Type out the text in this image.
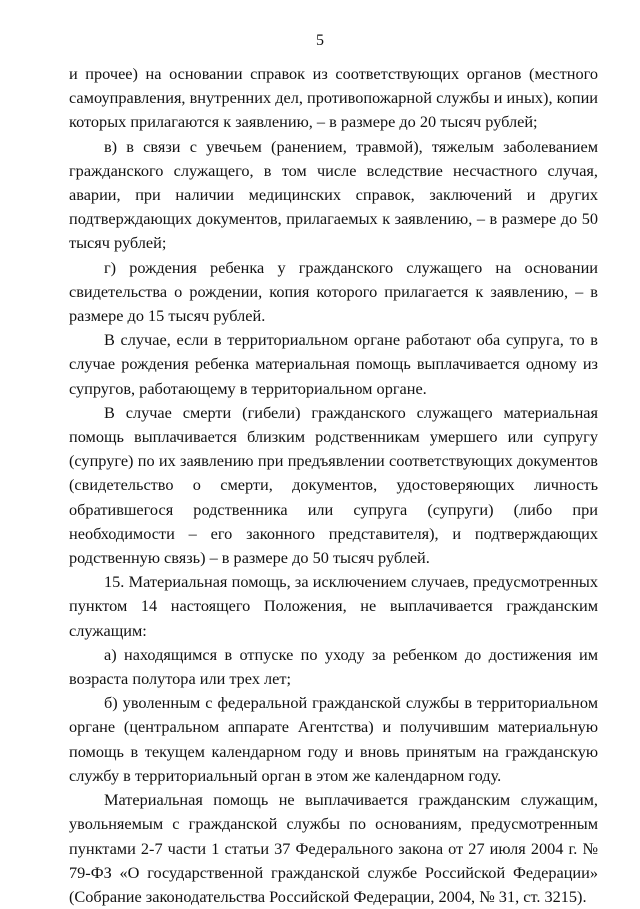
5

и прочее) на основании справок из соответствующих органов (местного самоуправления, внутренних дел, противопожарной службы и иных), копии которых прилагаются к заявлению, – в размере до 20 тысяч рублей;

в) в связи с увечьем (ранением, травмой), тяжелым заболеванием гражданского служащего, в том числе вследствие несчастного случая, аварии, при наличии медицинских справок, заключений и других подтверждающих документов, прилагаемых к заявлению, – в размере до 50 тысяч рублей;

г) рождения ребенка у гражданского служащего на основании свидетельства о рождении, копия которого прилагается к заявлению, – в размере до 15 тысяч рублей.

В случае, если в территориальном органе работают оба супруга, то в случае рождения ребенка материальная помощь выплачивается одному из супругов, работающему в территориальном органе.

В случае смерти (гибели) гражданского служащего материальная помощь выплачивается близким родственникам умершего или супругу (супруге) по их заявлению при предъявлении соответствующих документов (свидетельство о смерти, документов, удостоверяющих личность обратившегося родственника или супруга (супруги) (либо при необходимости – его законного представителя), и подтверждающих родственную связь) – в размере до 50 тысяч рублей.

15. Материальная помощь, за исключением случаев, предусмотренных пунктом 14 настоящего Положения, не выплачивается гражданским служащим:

а) находящимся в отпуске по уходу за ребенком до достижения им возраста полутора или трех лет;

б) уволенным с федеральной гражданской службы в территориальном органе (центральном аппарате Агентства) и получившим материальную помощь в текущем календарном году и вновь принятым на гражданскую службу в территориальный орган в этом же календарном году.

Материальная помощь не выплачивается гражданским служащим, увольняемым с гражданской службы по основаниям, предусмотренным пунктами 2-7 части 1 статьи 37 Федерального закона от 27 июля 2004 г. № 79-ФЗ «О государственной гражданской службе Российской Федерации» (Собрание законодательства Российской Федерации, 2004, № 31, ст. 3215).
